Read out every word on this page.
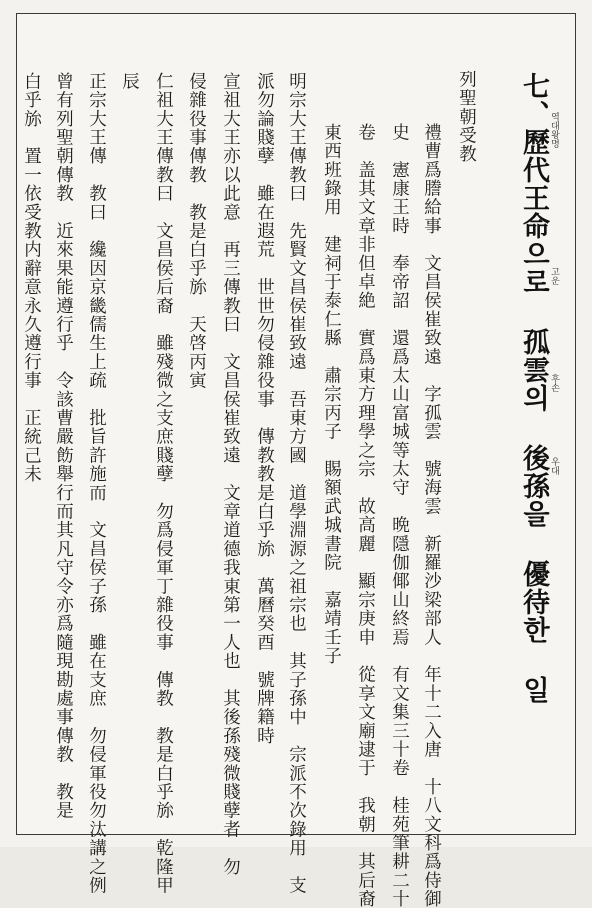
七、歷代王命으로 孤雲의 後孫을 優待한 일 역대왕명
고운
후손
우대
列聖朝受教
禮曹爲謄給事　文昌侯崔致遠　字孤雲　號海雲　新羅沙梁部人　年十二入唐　十八文科爲侍御
史　憲康王時　奉帝詔　還爲太山富城等太守　晩隱伽倻山終焉　有文集三十卷　桂苑筆耕二十
卷　盖其文章非但卓絶　實爲東方理學之宗　故高麗　顯宗庚申　從享文廟逮于　我朝　其后裔
東西班錄用　建祠于泰仁縣　肅宗丙子　賜額武城書院　嘉靖壬子
明宗大王傳教曰　先賢文昌侯崔致遠　吾東方國　道學淵源之祖宗也　其子孫中　宗派不次錄用　支
派勿論賤孽　雖在遐荒　世世勿侵雜役事　傳教教是白乎旀　萬曆癸酉　號牌籍時
宣祖大王亦以此意　再三傳教曰　文昌侯崔致遠　文章道德我東第一人也　其後孫殘微賤孽者　勿
侵雜役事傳教　教是白乎旀　天啓丙寅
仁祖大王傳教曰　文昌侯后裔　雖殘微之支庶賤孽　勿爲侵軍丁雜役事　傳教　教是白乎旀　乾隆甲
辰
正宗大王傳　教曰　纔因京畿儒生上疏　批旨許施而　文昌侯子孫　雖在支庶　勿侵軍役勿汰講之例
曾有列聖朝傳教　近來果能遵行乎　令該曹嚴飭舉行而其凡守令亦爲隨現勘處事傳教　教是
白乎旀　置一依受教内辭意永久遵行事　正統己未
